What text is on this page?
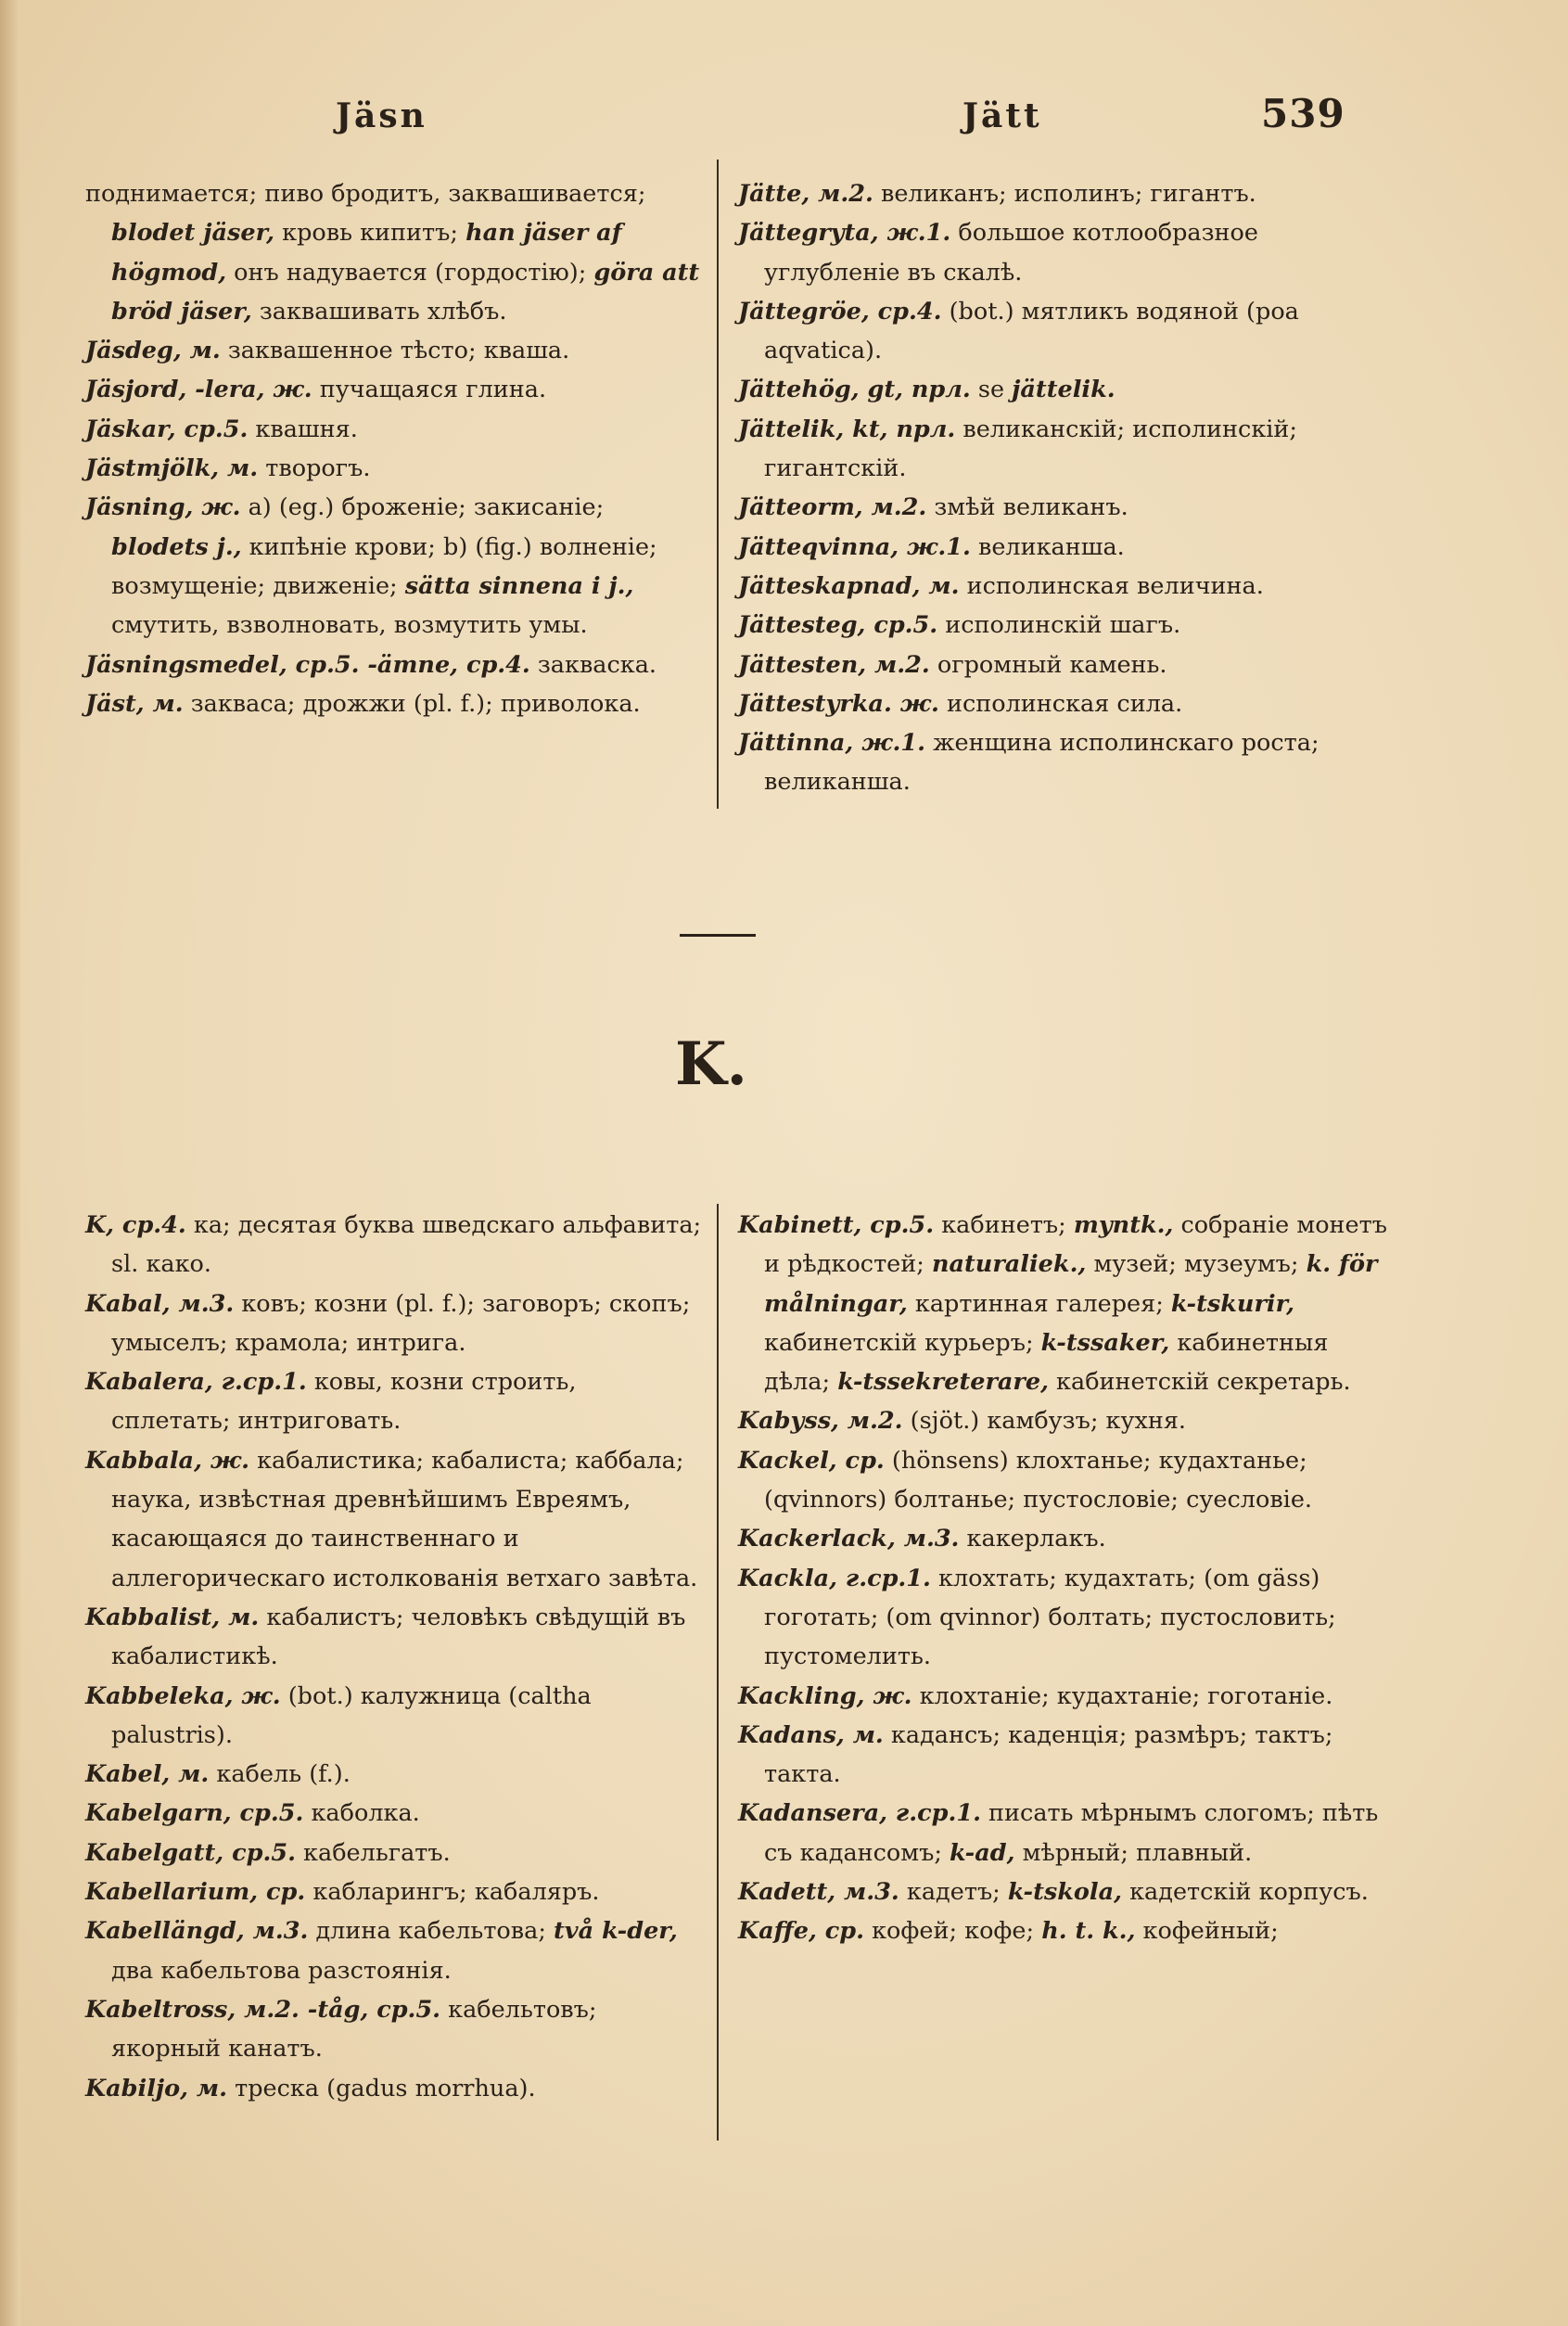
Jäsn	Jätt	539

поднимается; пиво бродитъ, заквашивается; blodet jäser, кровь кипитъ; han jäser af högmod, онъ надувается (гордостію); göra att bröd jäser, заквашивать хлѣбъ.

Jäsdeg, м. заквашенное тѣсто; кваша.

Jäsjord, -lera, ж. пучащаяся глина.

Jäskar, ср.5. квашня.

Jästmjölk, м. творогъ.

Jäsning, ж. a) (eg.) броженіе; закисаніе; blodets j., кипѣніе крови; b) (fig.) волненіе; возмущеніе; движеніе; sätta sinnena i j., смутить, взволновать, возмутить умы.

Jäsningsmedel, ср.5. -ämne, ср.4. закваска.

Jäst, м. закваса; дрожжи (pl. f.); приволока.

Jätte, м.2. великанъ; исполинъ; гигантъ.

Jättegryta, ж.1. большое котлообразное углубленіе въ скалѣ.

Jättegröe, ср.4. (bot.) мятликъ водяной (poa aqvatica).

Jättehög, gt, прл. se jättelik.

Jättelik, kt, прл. великанскій; исполинскій; гигантскій.

Jätteorm, м.2. змѣй великанъ.

Jätteqvinna, ж.1. великанша.

Jätteskapnad, м. исполинская величина.

Jättesteg, ср.5. исполинскій шагъ.

Jättesten, м.2. огромный камень.

Jättestyrka. ж. исполинская сила.

Jättinna, ж.1. женщина исполинскаго роста; великанша.

K.

K, ср.4. ка; десятая буква шведскаго альфавита; sl. како.

Kabal, м.3. ковъ; козни (pl. f.); заговоръ; скопъ; умыселъ; крамола; интрига.

Kabalera, г.ср.1. ковы, козни строить, сплетать; интриговать.

Kabbala, ж. кабалистика; кабалиста; каббала; наука, извѣстная древнѣйшимъ Евреямъ, касающаяся до таинственнаго и аллегорическаго истолкованія ветхаго завѣта.

Kabbalist, м. кабалистъ; человѣкъ свѣдущій въ кабалистикѣ.

Kabbeleka, ж. (bot.) калужница (caltha palustris).

Kabel, м. кабель (f.).

Kabelgarn, ср.5. каболка.

Kabelgatt, ср.5. кабельгатъ.

Kabellarium, ср. кабларингъ; кабаляръ.

Kabellängd, м.3. длина кабельтова; två k-der, два кабельтова разстоянія.

Kabeltross, м.2. -tåg, ср.5. кабельтовъ; якорный канатъ.

Kabiljo, м. треска (gadus morrhua).

Kabinett, ср.5. кабинетъ; myntk., собраніе монетъ и рѣдкостей; naturaliek., музей; музеумъ; k. för målningar, картинная галерея; k-tskurir, кабинетскій курьеръ; k-tssaker, кабинетныя дѣла; k-tssekreterare, кабинетскій секретарь.

Kabyss, м.2. (sjöt.) камбузъ; кухня.

Kackel, ср. (hönsens) клохтанье; кудахтанье; (qvinnors) болтанье; пустословіе; суесловіе.

Kackerlack, м.3. какерлакъ.

Kackla, г.ср.1. клохтать; кудахтать; (om gäss) гоготать; (om qvinnor) болтать; пустословить; пустомелить.

Kackling, ж. клохтаніе; кудахтаніе; гоготаніе.

Kadans, м. кадансъ; каденція; размѣръ; тактъ; такта.

Kadansera, г.ср.1. писать мѣрнымъ слогомъ; пѣть съ кадансомъ; k-ad, мѣрный; плавный.

Kadett, м.3. кадетъ; k-tskola, кадетскій корпусъ.

Kaffe, ср. кофей; кофе; h. t. k., кофейный;
